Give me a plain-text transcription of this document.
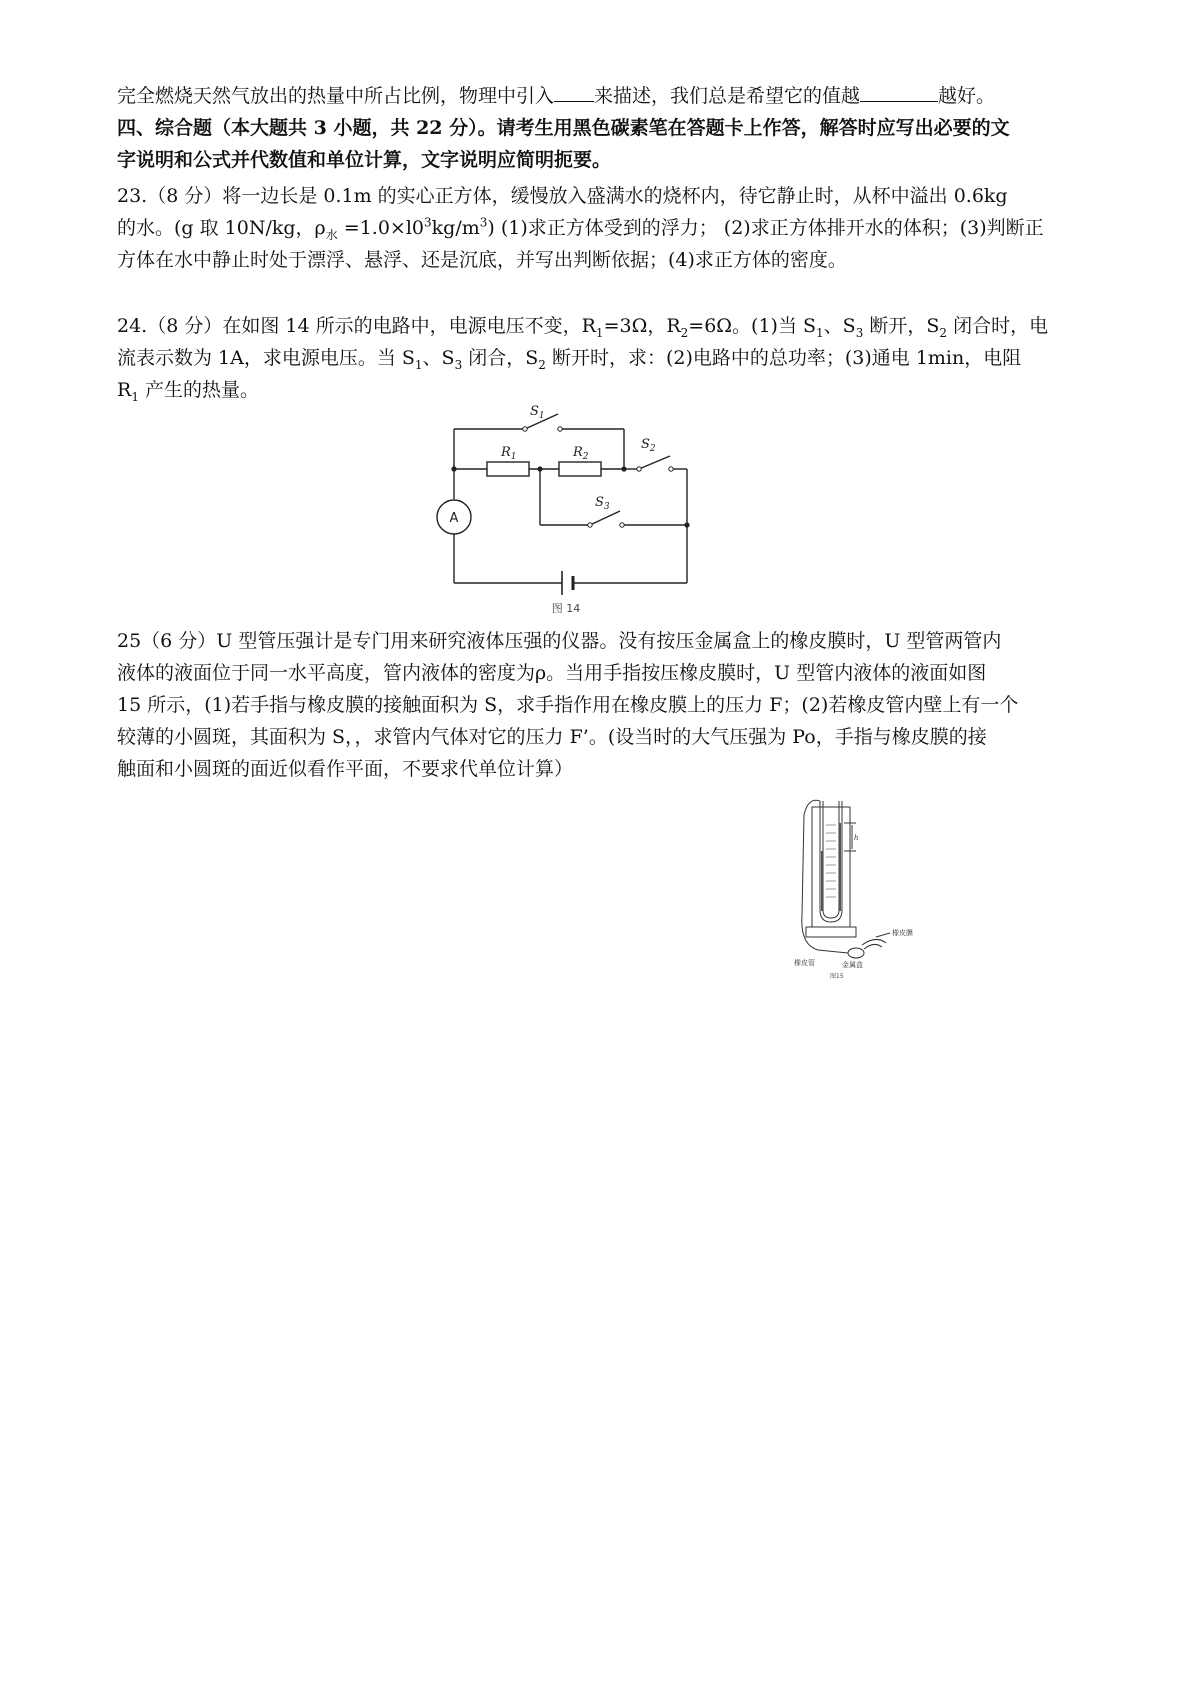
完全燃烧天然气放出的热量中所占比例，物理中引入 来描述，我们总是希望它的值越	越好。
四、综合题（本大题共 3 小题，共 22 分）。请考生用黑色碳素笔在答题卡上作答，解答时应写出必要的文
字说明和公式并代数值和单位计算，文字说明应简明扼要。
23.（8 分）将一边长是 0.1m 的实心正方体，缓慢放入盛满水的烧杯内，待它静止时，从杯中溢出 0.6kg
的水。(g 取 10N/kg，$\rho_水 =1.0\times l0^3kg/m^3$) (1)求正方体受到的浮力； (2)求正方体排开水的体积；(3)判断正
方体在水中静止时处于漂浮、悬浮、还是沉底，并写出判断依据；(4)求正方体的密度。
24.（8 分）在如图 14 所示的电路中，电源电压不变，$R_1=3\Omega$，$R_2=6\Omega$。(1)当 $S_1$、$S_3$ 断开，$S_2$ 闭合时，电
流表示数为 1A，求电源电压。当 $S_1$、$S_3$ 闭合，$S_2$ 断开时，求：(2)电路中的总功率；(3)通电 1min，电阻
$R_1$ 产生的热量。
$S_1$
$R_1$	$R_2$
$S_2$
$S_3$
A
图 14
25（6 分）U 型管压强计是专门用来研究液体压强的仪器。没有按压金属盒上的橡皮膜时，U 型管两管内
液体的液面位于同一水平高度，管内液体的密度为ρ。当用手指按压橡皮膜时，U 型管内液体的液面如图
15 所示，(1)若手指与橡皮膜的接触面积为 S，求手指作用在橡皮膜上的压力 F；(2)若橡皮管内壁上有一个
较薄的小圆斑，其面积为 S，，求管内气体对它的压力 F’。(设当时的大气压强为 Po，手指与橡皮膜的接
触面和小圆斑的面近似看作平面，不要求代单位计算）
h
橡皮膜
橡皮管	金属盒
图15
